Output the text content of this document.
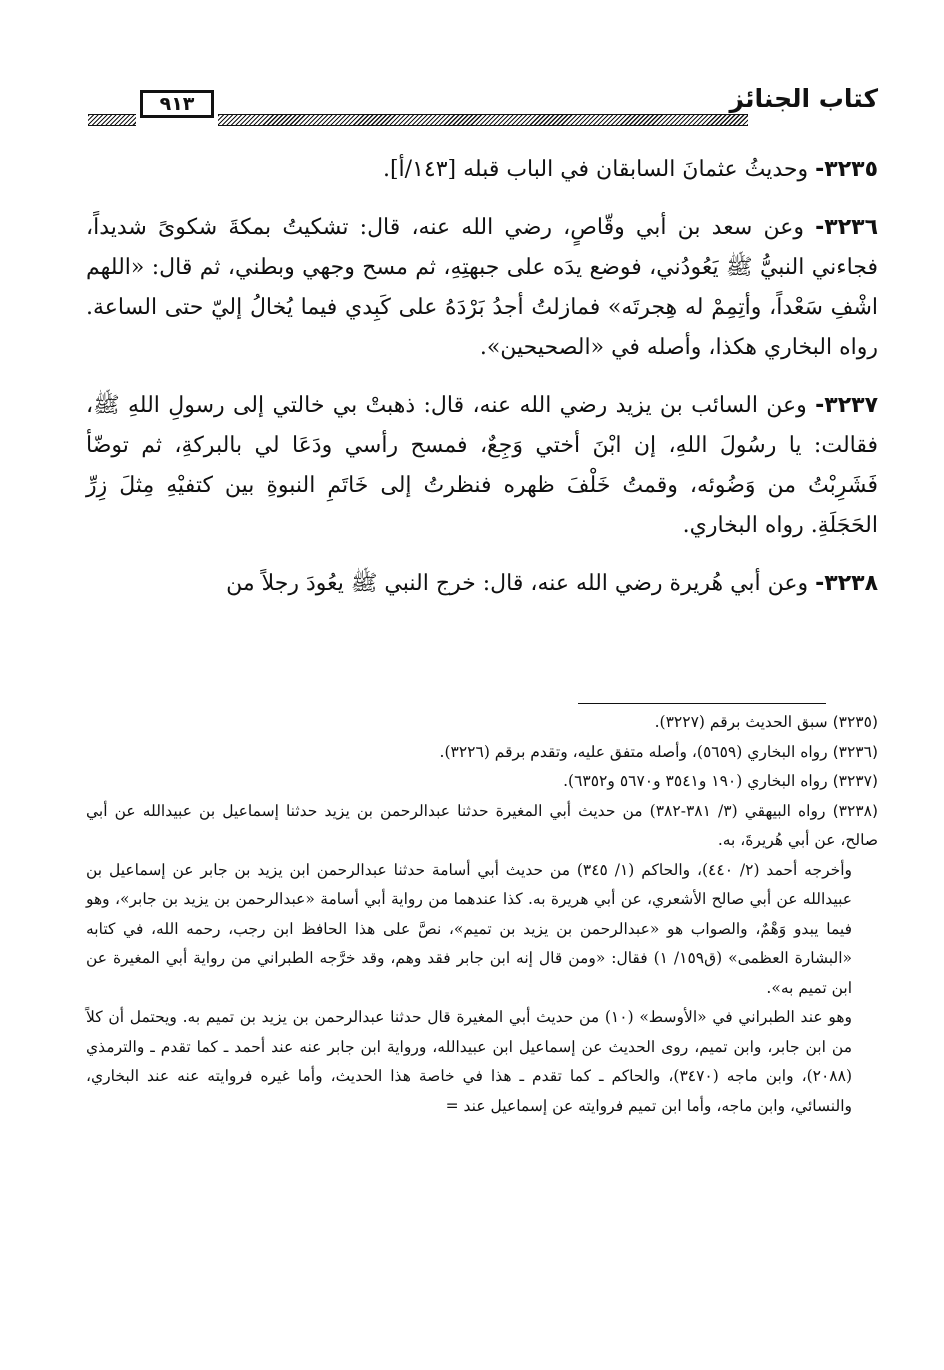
٩١٣	كتاب الجنائز

٣٢٣٥- وحديثُ عثمانَ السابقان في الباب قبله [١٤٣/أ].

٣٢٣٦- وعن سعد بن أبي وقّاصٍ، رضي الله عنه، قال: تشكيتُ بمكةَ شكوىً شديداً، فجاءني النبيُّ ﷺ يَعُودُني، فوضع يدَه على جبهتِهِ، ثم مسح وجهي وبطني، ثم قال: «اللهم اشْفِ سَعْداً، وأتِمِمْ له هِجرتَه» فمازلتُ أجدُ بَرْدَهُ على كَبِدي فيما يُخالُ إليّ حتى الساعة. رواه البخاري هكذا، وأصله في «الصحيحين».

٣٢٣٧- وعن السائب بن يزيد رضي الله عنه، قال: ذهبتْ بي خالتي إلى رسولِ اللهِ ﷺ، فقالت: يا رسُولَ اللهِ، إن ابْنَ أختي وَجِعٌ، فمسح رأسي ودَعَا لي بالبركةِ، ثم توضّأ فَشَرِبْتُ من وَضُوئه، وقمتُ خَلْفَ ظهره فنظرتُ إلى خَاتَمِ النبوةِ بين كتفيْهِ مِثلَ زِرِّ الحَجَلَةِ. رواه البخاري.

٣٢٣٨- وعن أبي هُريرة رضي الله عنه، قال: خرج النبي ﷺ يعُودَ رجلاً من

(٣٢٣٥) سبق الحديث برقم (٣٢٢٧).

(٣٢٣٦) رواه البخاري (٥٦٥٩)، وأصله متفق عليه، وتقدم برقم (٣٢٢٦).

(٣٢٣٧) رواه البخاري (١٩٠ و٣٥٤١ و٥٦٧٠ و٦٣٥٢).

(٣٢٣٨) رواه البيهقي (٣/ ٣٨١-٣٨٢) من حديث أبي المغيرة حدثنا عبدالرحمن بن يزيد حدثنا إسماعيل بن عبيدالله عن أبي صالح، عن أبي هُريرةَ، به.

وأخرجه أحمد (٢/ ٤٤٠)، والحاكم (١/ ٣٤٥) من حديث أبي أسامة حدثنا عبدالرحمن ابن يزيد بن جابر عن إسماعيل بن عبيدالله عن أبي صالح الأشعري، عن أبي هريرة به. كذا عندهما من رواية أبي أسامة «عبدالرحمن بن يزيد بن جابر»، وهو فيما يبدو وَهْمٌ، والصواب هو «عبدالرحمن بن يزيد بن تميم»، نصَّ على هذا الحافظ ابن رجب، رحمه الله، في كتابه «البشارة العظمى» (ق١٥٩/ ١) فقال: «ومن قال إنه ابن جابر فقد وهم، وقد خرَّجه الطبراني من رواية أبي المغيرة عن ابن تميم به».

وهو عند الطبراني في «الأوسط» (١٠) من حديث أبي المغيرة قال حدثنا عبدالرحمن بن يزيد بن تميم به. ويحتمل أن كلاً من ابن جابر، وابن تميم، روى الحديث عن إسماعيل ابن عبيدالله، ورواية ابن جابر عنه عند أحمد ـ كما تقدم ـ والترمذي (٢٠٨٨)، وابن ماجه (٣٤٧٠)، والحاكم ـ كما تقدم ـ هذا في خاصة هذا الحديث، وأما غيره فروايته عنه عند البخاري، والنسائي، وابن ماجه، وأما ابن تميم فروايته عن إسماعيل عند =
